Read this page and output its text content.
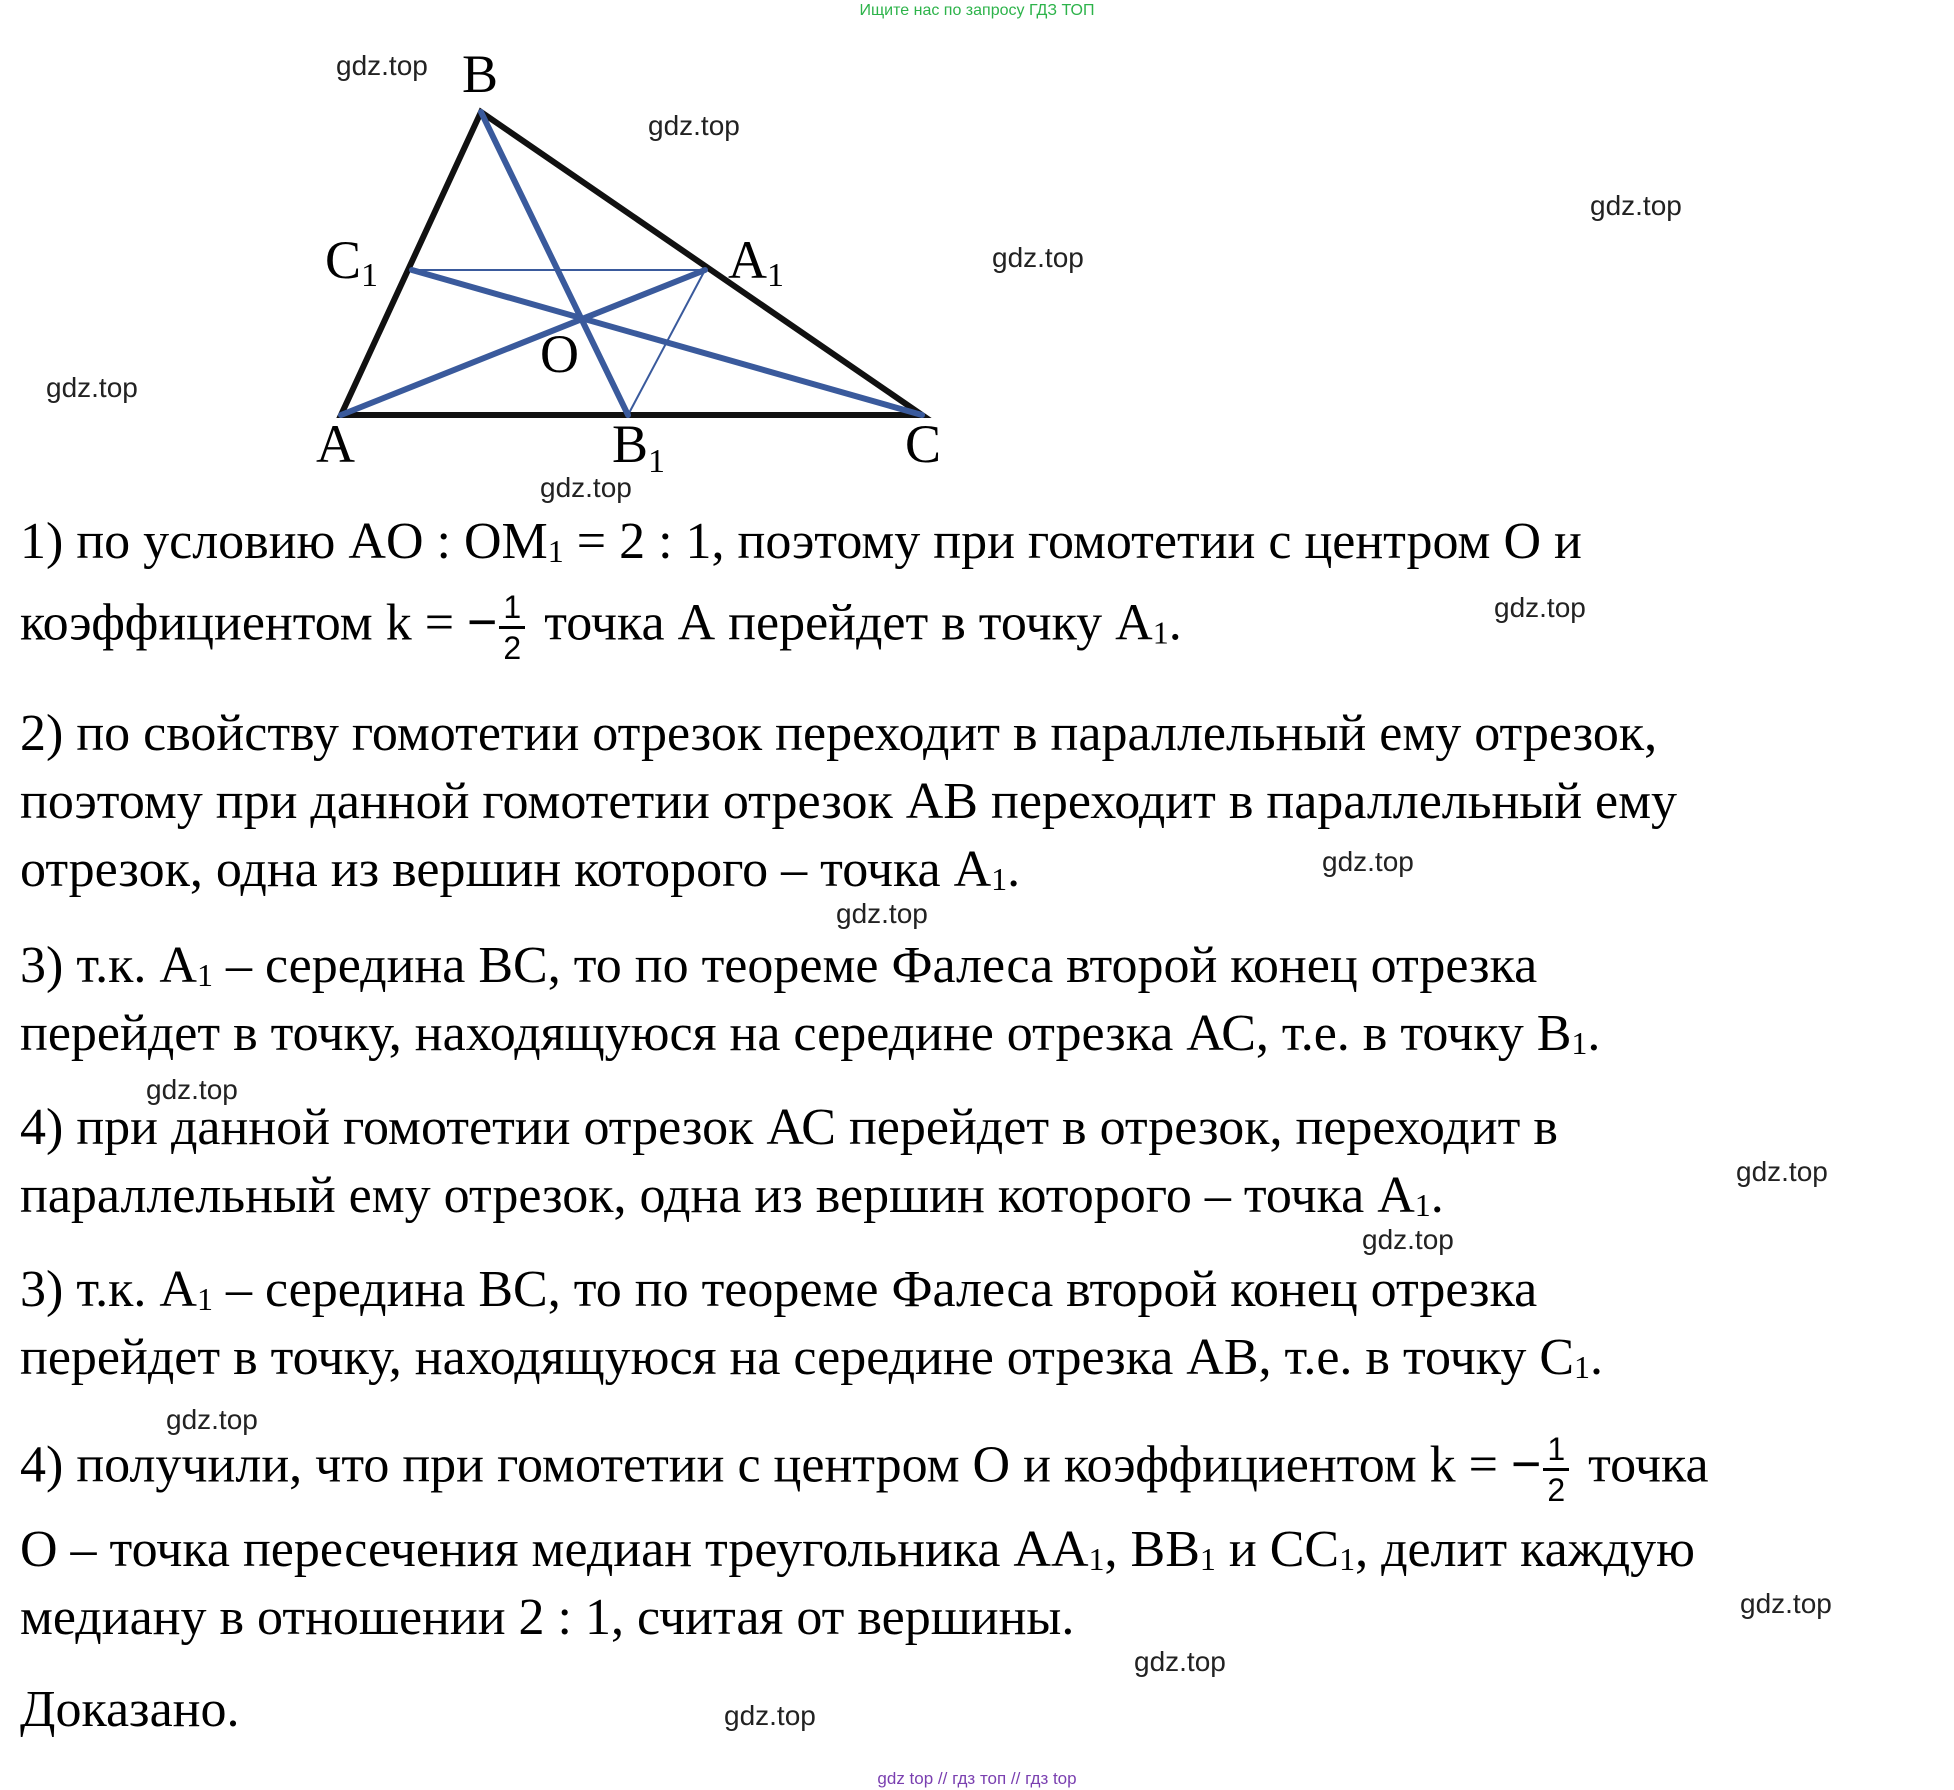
Ищите нас по запросу ГДЗ ТОП
gdz.top
gdz.top
gdz.top
gdz.top
gdz.top
gdz.top
gdz.top
gdz.top
gdz.top
gdz.top
gdz.top
gdz.top
gdz.top
gdz.top
gdz.top
gdz.top
B
C1	A1
O
A	B1	C
1) по условию AO : $OM_1 = 2$ : 1, поэтому при гомотетии с центром О и
коэффициентом k = − $\frac{1}{2}$ точка А перейдет в точку $А_1$.
2) по свойству гомотетии отрезок переходит в параллельный ему отрезок,
поэтому при данной гомотетии отрезок АВ переходит в параллельный ему
отрезок, одна из вершин которого – точка $А_1$.
3) т.к. $А_1$ – середина ВС, то по теореме Фалеса второй конец отрезка
перейдет в точку, находящуюся на середине отрезка АС, т.е. в точку $В_1$.
4) при данной гомотетии отрезок АС перейдет в отрезок, переходит в
параллельный ему отрезок, одна из вершин которого – точка $А_1$.
3) т.к. $А_1$ – середина ВС, то по теореме Фалеса второй конец отрезка
перейдет в точку, находящуюся на середине отрезка АВ, т.е. в точку $С_1$.
4) получили, что при гомотетии с центром О и коэффициентом k = − $\frac{1}{2}$ точка
О – точка пересечения медиан треугольника $АА_1$, $ВВ_1$ и $СС_1$, делит каждую
медиану в отношении 2 : 1, считая от вершины.
Доказано.
gdz top // гдз топ // гдз top
